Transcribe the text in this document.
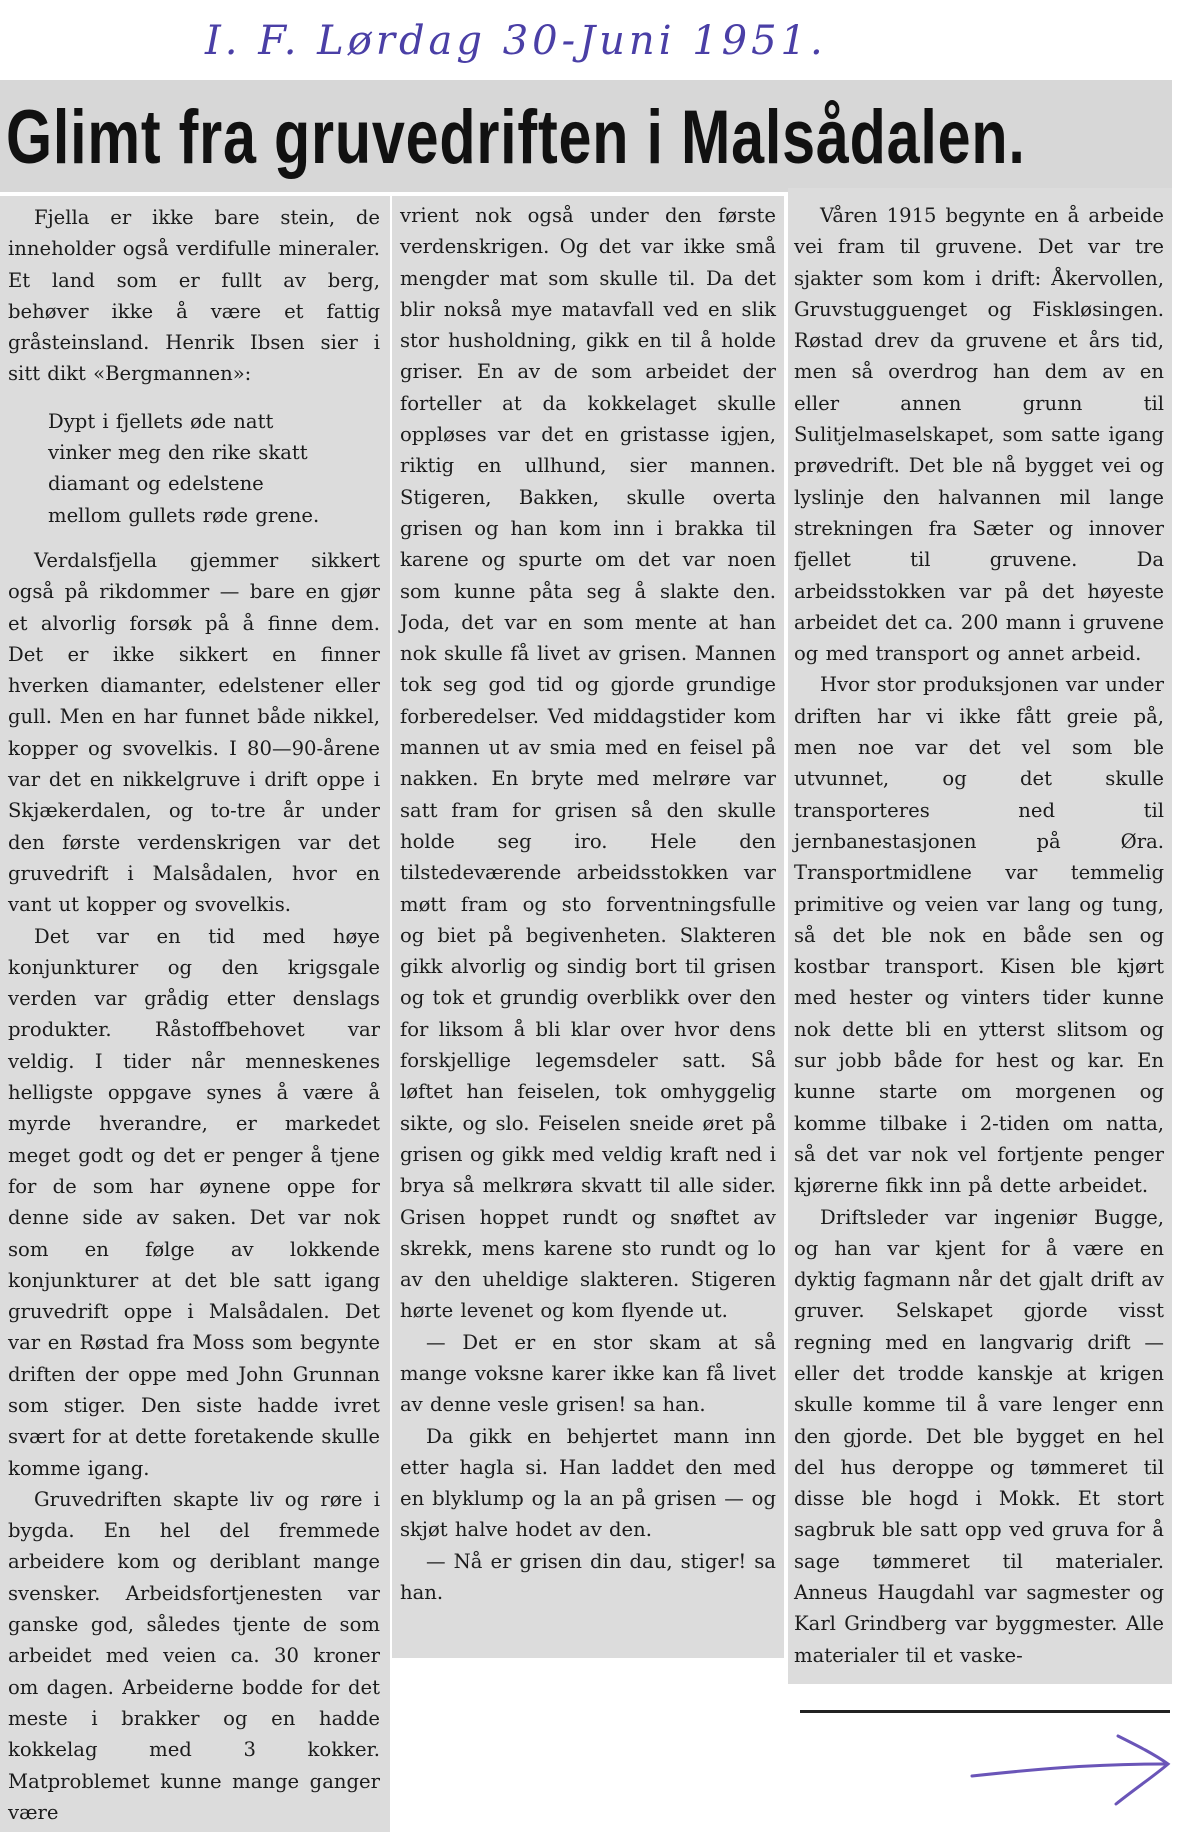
I. F. Lørdag 30-Juni 1951.
Glimt fra gruvedriften i Malsådalen.

Fjella er ikke bare stein, de inneholder også verdifulle mineraler. Et land som er fullt av berg, behøver ikke å være et fattig gråsteinsland. Henrik Ibsen sier i sitt dikt «Bergmannen»:

Dypt i fjellets øde natt
vinker meg den rike skatt
diamant og edelstene
mellom gullets røde grene.

Verdalsfjella gjemmer sikkert også på rikdommer — bare en gjør et alvorlig forsøk på å finne dem. Det er ikke sikkert en finner hverken diamanter, edelstener eller gull. Men en har funnet både nikkel, kopper og svovelkis. I 80—90-årene var det en nikkelgruve i drift oppe i Skjækerdalen, og to-tre år under den første verdenskrigen var det gruvedrift i Malsådalen, hvor en vant ut kopper og svovelkis.

Det var en tid med høye konjunkturer og den krigsgale verden var grådig etter denslags produkter. Råstoffbehovet var veldig. I tider når menneskenes helligste oppgave synes å være å myrde hverandre, er markedet meget godt og det er penger å tjene for de som har øynene oppe for denne side av saken. Det var nok som en følge av lokkende konjunkturer at det ble satt igang gruvedrift oppe i Malsådalen. Det var en Røstad fra Moss som begynte driften der oppe med John Grunnan som stiger. Den siste hadde ivret svært for at dette foretakende skulle komme igang.

Gruvedriften skapte liv og røre i bygda. En hel del fremmede arbeidere kom og deriblant mange svensker. Arbeidsfortjenesten var ganske god, således tjente de som arbeidet med veien ca. 30 kroner om dagen. Arbeiderne bodde for det meste i brakker og en hadde kokkelag med 3 kokker. Matproblemet kunne mange ganger være

vrient nok også under den første verdenskrigen. Og det var ikke små mengder mat som skulle til. Da det blir nokså mye matavfall ved en slik stor husholdning, gikk en til å holde griser. En av de som arbeidet der forteller at da kokkelaget skulle oppløses var det en gristasse igjen, riktig en ullhund, sier mannen. Stigeren, Bakken, skulle overta grisen og han kom inn i brakka til karene og spurte om det var noen som kunne påta seg å slakte den. Joda, det var en som mente at han nok skulle få livet av grisen. Mannen tok seg god tid og gjorde grundige forberedelser. Ved middagstider kom mannen ut av smia med en feisel på nakken. En bryte med melrøre var satt fram for grisen så den skulle holde seg iro. Hele den tilstedeværende arbeidsstokken var møtt fram og sto forventningsfulle og biet på begivenheten. Slakteren gikk alvorlig og sindig bort til grisen og tok et grundig overblikk over den for liksom å bli klar over hvor dens forskjellige legemsdeler satt. Så løftet han feiselen, tok omhyggelig sikte, og slo. Feiselen sneide øret på grisen og gikk med veldig kraft ned i brya så melkrøra skvatt til alle sider. Grisen hoppet rundt og snøftet av skrekk, mens karene sto rundt og lo av den uheldige slakteren. Stigeren hørte levenet og kom flyende ut.

— Det er en stor skam at så mange voksne karer ikke kan få livet av denne vesle grisen! sa han.

Da gikk en behjertet mann inn etter hagla si. Han laddet den med en blyklump og la an på grisen — og skjøt halve hodet av den.

— Nå er grisen din dau, stiger! sa han.

Våren 1915 begynte en å arbeide vei fram til gruvene. Det var tre sjakter som kom i drift: Åkervollen, Gruvstugguenget og Fiskløsingen. Røstad drev da gruvene et års tid, men så overdrog han dem av en eller annen grunn til Sulitjelmaselskapet, som satte igang prøvedrift. Det ble nå bygget vei og lyslinje den halvannen mil lange strekningen fra Sæter og innover fjellet til gruvene. Da arbeidsstokken var på det høyeste arbeidet det ca. 200 mann i gruvene og med transport og annet arbeid.

Hvor stor produksjonen var under driften har vi ikke fått greie på, men noe var det vel som ble utvunnet, og det skulle transporteres ned til jernbanestasjonen på Øra. Transportmidlene var temmelig primitive og veien var lang og tung, så det ble nok en både sen og kostbar transport. Kisen ble kjørt med hester og vinters tider kunne nok dette bli en ytterst slitsom og sur jobb både for hest og kar. En kunne starte om morgenen og komme tilbake i 2-tiden om natta, så det var nok vel fortjente penger kjørerne fikk inn på dette arbeidet.

Driftsleder var ingeniør Bugge, og han var kjent for å være en dyktig fagmann når det gjalt drift av gruver. Selskapet gjorde visst regning med en langvarig drift — eller det trodde kanskje at krigen skulle komme til å vare lenger enn den gjorde. Det ble bygget en hel del hus deroppe og tømmeret til disse ble hogd i Mokk. Et stort sagbruk ble satt opp ved gruva for å sage tømmeret til materialer. Anneus Haugdahl var sagmester og Karl Grindberg var byggmester. Alle materialer til et vaske-
